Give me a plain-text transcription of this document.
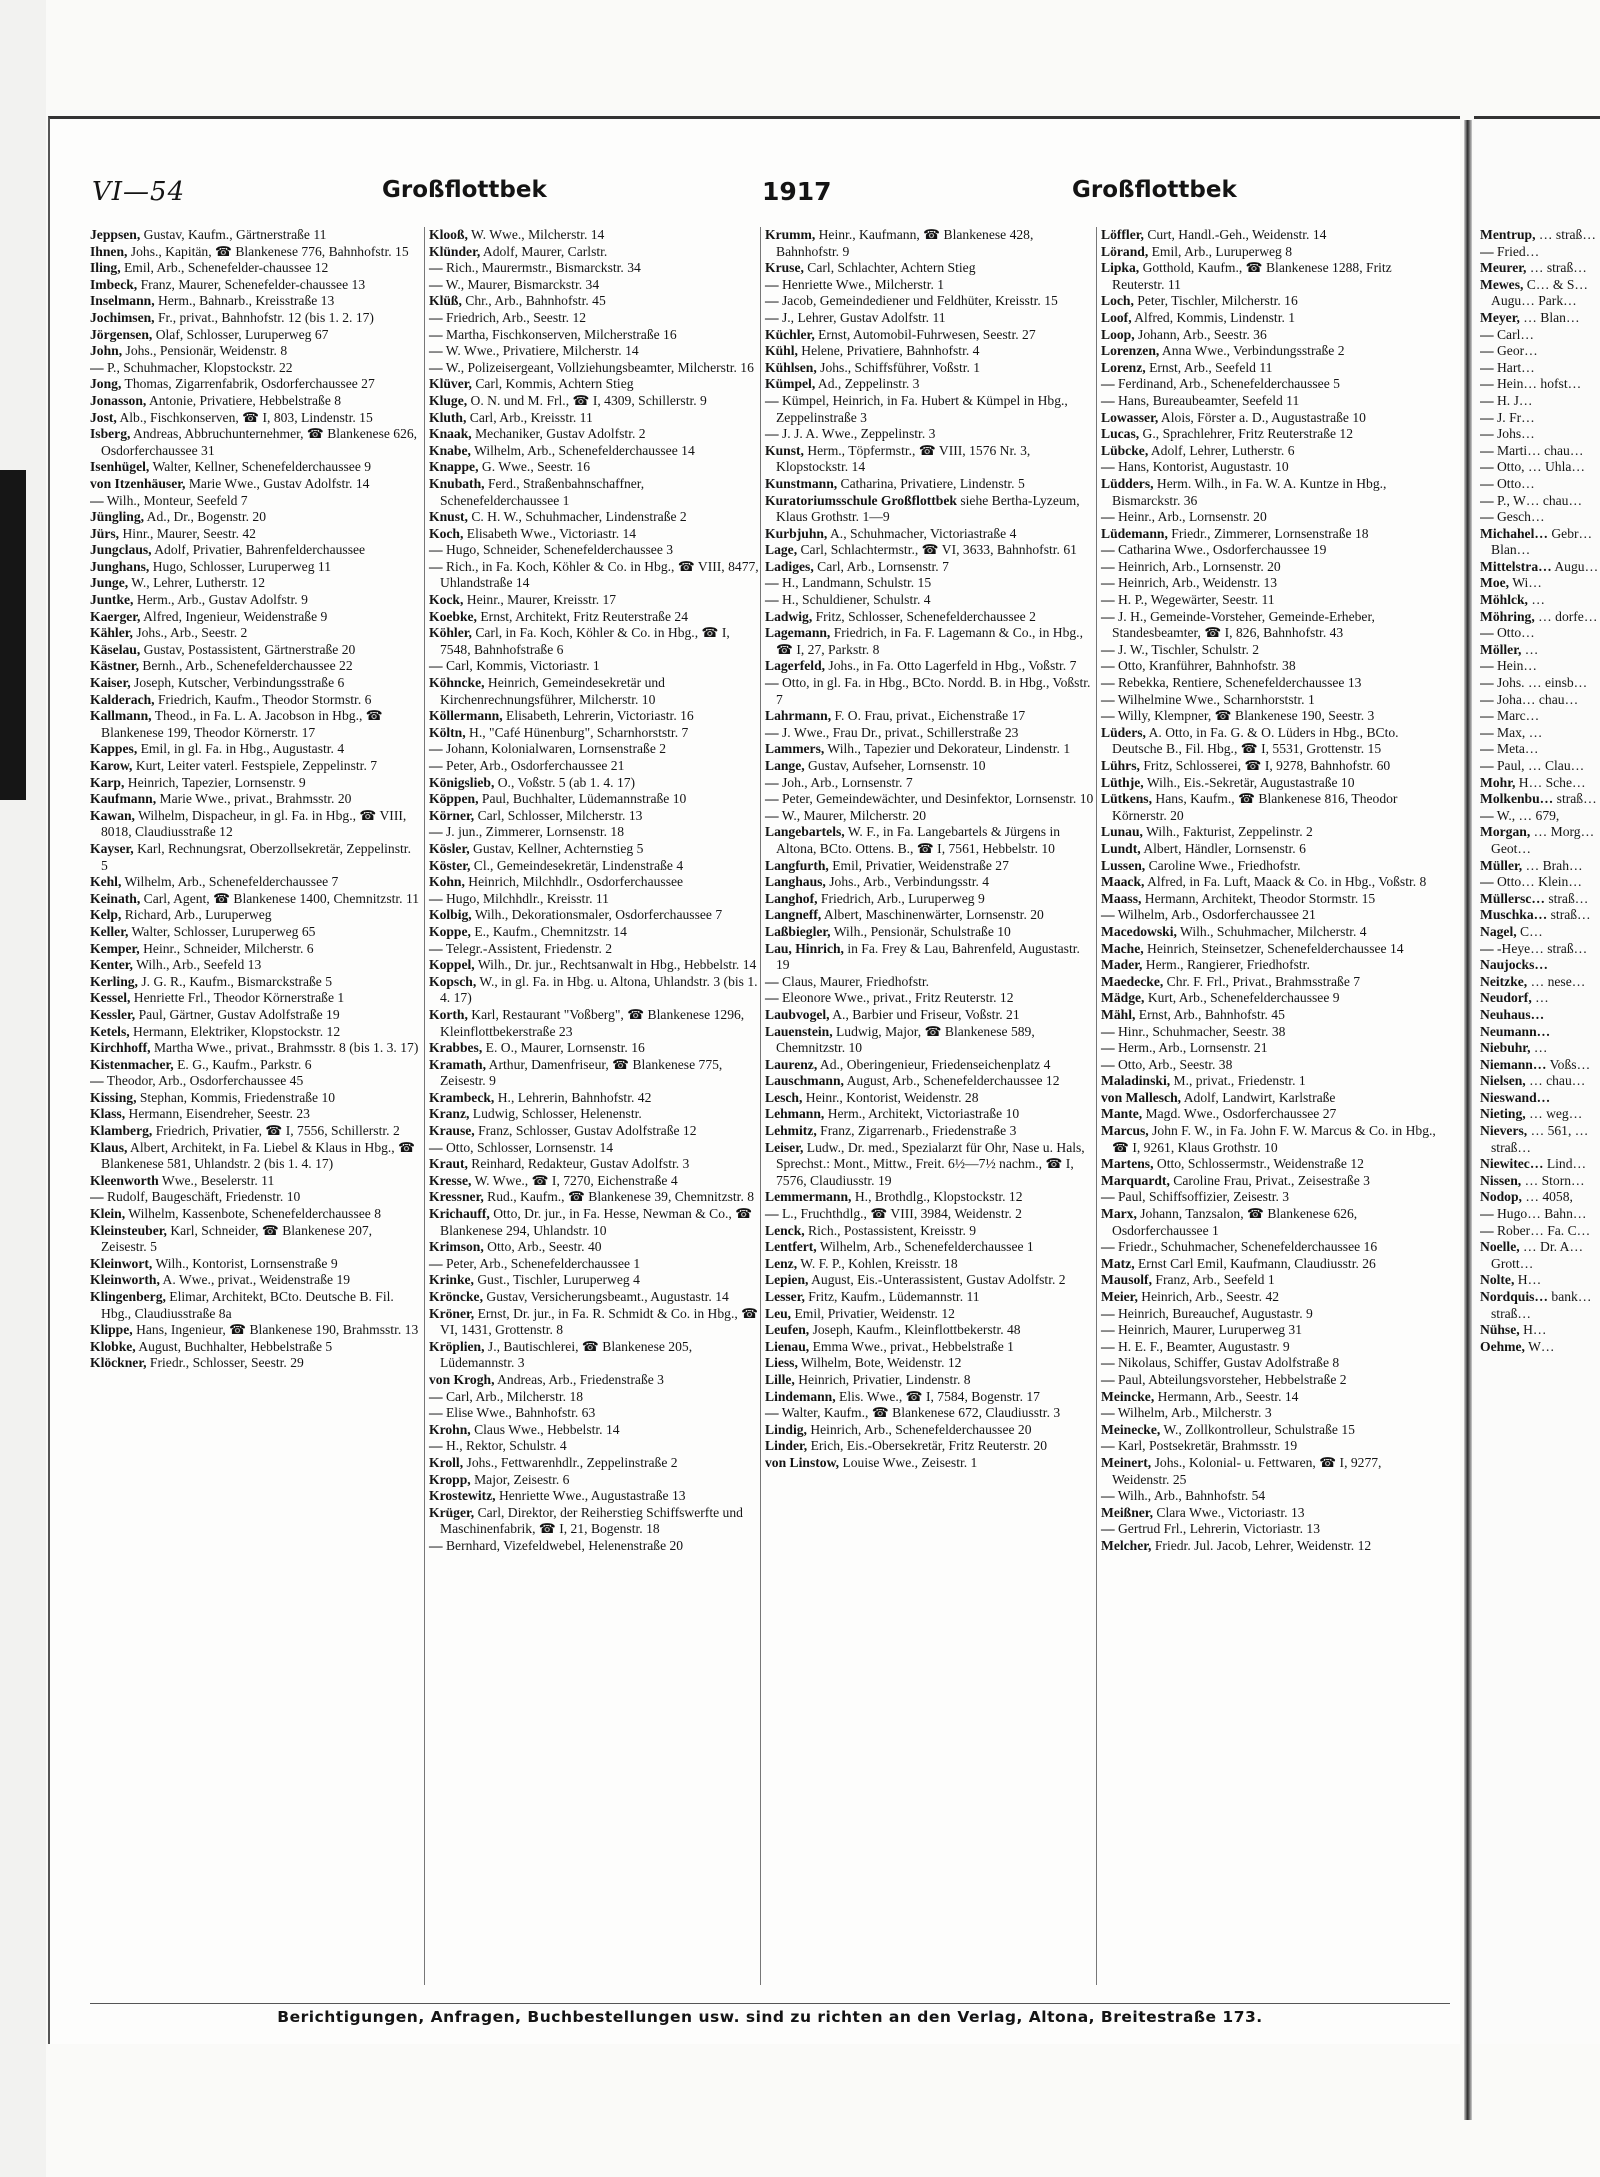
VI—54	Großflottbek	1917	Großflottbek

Jeppsen, Gustav, Kaufm., Gärtnerstraße 11

Ihnen, Johs., Kapitän, ☎ Blankenese 776, Bahnhofstr. 15

Iling, Emil, Arb., Schenefelder-chaussee 12

Imbeck, Franz, Maurer, Schenefelder-chaussee 13

Inselmann, Herm., Bahnarb., Kreisstraße 13

Jochimsen, Fr., privat., Bahnhofstr. 12 (bis 1. 2. 17)

Jörgensen, Olaf, Schlosser, Luruperweg 67

John, Johs., Pensionär, Weidenstr. 8

— P., Schuhmacher, Klopstockstr. 22

Jong, Thomas, Zigarrenfabrik, Osdorferchaussee 27

Jonasson, Antonie, Privatiere, Hebbelstraße 8

Jost, Alb., Fischkonserven, ☎ I, 803, Lindenstr. 15

Isberg, Andreas, Abbruchunternehmer, ☎ Blankenese 626, Osdorferchaussee 31

Isenhügel, Walter, Kellner, Schenefelderchaussee 9

von Itzenhäuser, Marie Wwe., Gustav Adolfstr. 14

— Wilh., Monteur, Seefeld 7

Jüngling, Ad., Dr., Bogenstr. 20

Jürs, Hinr., Maurer, Seestr. 42

Jungclaus, Adolf, Privatier, Bahrenfelderchaussee

Junghans, Hugo, Schlosser, Luruperweg 11

Junge, W., Lehrer, Lutherstr. 12

Juntke, Herm., Arb., Gustav Adolfstr. 9

Kaerger, Alfred, Ingenieur, Weidenstraße 9

Kähler, Johs., Arb., Seestr. 2

Käselau, Gustav, Postassistent, Gärtnerstraße 20

Kästner, Bernh., Arb., Schenefelderchaussee 22

Kaiser, Joseph, Kutscher, Verbindungsstraße 6

Kalderach, Friedrich, Kaufm., Theodor Stormstr. 6

Kallmann, Theod., in Fa. L. A. Jacobson in Hbg., ☎ Blankenese 199, Theodor Körnerstr. 17

Kappes, Emil, in gl. Fa. in Hbg., Augustastr. 4

Karow, Kurt, Leiter vaterl. Festspiele, Zeppelinstr. 7

Karp, Heinrich, Tapezier, Lornsenstr. 9

Kaufmann, Marie Wwe., privat., Brahmsstr. 20

Kawan, Wilhelm, Dispacheur, in gl. Fa. in Hbg., ☎ VIII, 8018, Claudiusstraße 12

Kayser, Karl, Rechnungsrat, Oberzollsekretär, Zeppelinstr. 5

Kehl, Wilhelm, Arb., Schenefelderchaussee 7

Keinath, Carl, Agent, ☎ Blankenese 1400, Chemnitzstr. 11

Kelp, Richard, Arb., Luruperweg

Keller, Walter, Schlosser, Luruperweg 65

Kemper, Heinr., Schneider, Milcherstr. 6

Kenter, Wilh., Arb., Seefeld 13

Kerling, J. G. R., Kaufm., Bismarckstraße 5

Kessel, Henriette Frl., Theodor Körnerstraße 1

Kessler, Paul, Gärtner, Gustav Adolfstraße 19

Ketels, Hermann, Elektriker, Klopstockstr. 12

Kirchhoff, Martha Wwe., privat., Brahmsstr. 8 (bis 1. 3. 17)

Kistenmacher, E. G., Kaufm., Parkstr. 6

— Theodor, Arb., Osdorferchaussee 45

Kissing, Stephan, Kommis, Friedenstraße 10

Klass, Hermann, Eisendreher, Seestr. 23

Klamberg, Friedrich, Privatier, ☎ I, 7556, Schillerstr. 2

Klaus, Albert, Architekt, in Fa. Liebel & Klaus in Hbg., ☎ Blankenese 581, Uhlandstr. 2 (bis 1. 4. 17)

Kleenworth Wwe., Beselerstr. 11

— Rudolf, Baugeschäft, Friedenstr. 10

Klein, Wilhelm, Kassenbote, Schenefelderchaussee 8

Kleinsteuber, Karl, Schneider, ☎ Blankenese 207, Zeisestr. 5

Kleinwort, Wilh., Kontorist, Lornsenstraße 9

Kleinworth, A. Wwe., privat., Weidenstraße 19

Klingenberg, Elimar, Architekt, BCto. Deutsche B. Fil. Hbg., Claudiusstraße 8a

Klippe, Hans, Ingenieur, ☎ Blankenese 190, Brahmsstr. 13

Klobke, August, Buchhalter, Hebbelstraße 5

Klöckner, Friedr., Schlosser, Seestr. 29

Klooß, W. Wwe., Milcherstr. 14

Klünder, Adolf, Maurer, Carlstr.

— Rich., Maurermstr., Bismarckstr. 34

— W., Maurer, Bismarckstr. 34

Klüß, Chr., Arb., Bahnhofstr. 45

— Friedrich, Arb., Seestr. 12

— Martha, Fischkonserven, Milcherstraße 16

— W. Wwe., Privatiere, Milcherstr. 14

— W., Polizeisergeant, Vollziehungsbeamter, Milcherstr. 16

Klüver, Carl, Kommis, Achtern Stieg

Kluge, O. N. und M. Frl., ☎ I, 4309, Schillerstr. 9

Kluth, Carl, Arb., Kreisstr. 11

Knaak, Mechaniker, Gustav Adolfstr. 2

Knabe, Wilhelm, Arb., Schenefelderchaussee 14

Knappe, G. Wwe., Seestr. 16

Knubath, Ferd., Straßenbahnschaffner, Schenefelderchaussee 1

Knust, C. H. W., Schuhmacher, Lindenstraße 2

Koch, Elisabeth Wwe., Victoriastr. 14

— Hugo, Schneider, Schenefelderchaussee 3

— Rich., in Fa. Koch, Köhler & Co. in Hbg., ☎ VIII, 8477, Uhlandstraße 14

Kock, Heinr., Maurer, Kreisstr. 17

Koebke, Ernst, Architekt, Fritz Reuterstraße 24

Köhler, Carl, in Fa. Koch, Köhler & Co. in Hbg., ☎ I, 7548, Bahnhofstraße 6

— Carl, Kommis, Victoriastr. 1

Köhncke, Heinrich, Gemeindesekretär und Kirchenrechnungsführer, Milcherstr. 10

Köllermann, Elisabeth, Lehrerin, Victoriastr. 16

Költn, H., "Café Hünenburg", Scharnhorststr. 7

— Johann, Kolonialwaren, Lornsenstraße 2

— Peter, Arb., Osdorferchaussee 21

Königslieb, O., Voßstr. 5 (ab 1. 4. 17)

Köppen, Paul, Buchhalter, Lüdemannstraße 10

Körner, Carl, Schlosser, Milcherstr. 13

— J. jun., Zimmerer, Lornsenstr. 18

Kösler, Gustav, Kellner, Achternstieg 5

Köster, Cl., Gemeindesekretär, Lindenstraße 4

Kohn, Heinrich, Milchhdlr., Osdorferchaussee

— Hugo, Milchhdlr., Kreisstr. 11

Kolbig, Wilh., Dekorationsmaler, Osdorferchaussee 7

Koppe, E., Kaufm., Chemnitzstr. 14

— Telegr.-Assistent, Friedenstr. 2

Koppel, Wilh., Dr. jur., Rechtsanwalt in Hbg., Hebbelstr. 14

Kopsch, W., in gl. Fa. in Hbg. u. Altona, Uhlandstr. 3 (bis 1. 4. 17)

Korth, Karl, Restaurant "Voßberg", ☎ Blankenese 1296, Kleinflottbekerstraße 23

Krabbes, E. O., Maurer, Lornsenstr. 16

Kramath, Arthur, Damenfriseur, ☎ Blankenese 775, Zeisestr. 9

Krambeck, H., Lehrerin, Bahnhofstr. 42

Kranz, Ludwig, Schlosser, Helenenstr.

Krause, Franz, Schlosser, Gustav Adolfstraße 12

— Otto, Schlosser, Lornsenstr. 14

Kraut, Reinhard, Redakteur, Gustav Adolfstr. 3

Kresse, W. Wwe., ☎ I, 7270, Eichenstraße 4

Kressner, Rud., Kaufm., ☎ Blankenese 39, Chemnitzstr. 8

Krichauff, Otto, Dr. jur., in Fa. Hesse, Newman & Co., ☎ Blankenese 294, Uhlandstr. 10

Krimson, Otto, Arb., Seestr. 40

— Peter, Arb., Schenefelderchaussee 1

Krinke, Gust., Tischler, Luruperweg 4

Kröncke, Gustav, Versicherungsbeamt., Augustastr. 14

Kröner, Ernst, Dr. jur., in Fa. R. Schmidt & Co. in Hbg., ☎ VI, 1431, Grottenstr. 8

Kröplien, J., Bautischlerei, ☎ Blankenese 205, Lüdemannstr. 3

von Krogh, Andreas, Arb., Friedenstraße 3

— Carl, Arb., Milcherstr. 18

— Elise Wwe., Bahnhofstr. 63

Krohn, Claus Wwe., Hebbelstr. 14

— H., Rektor, Schulstr. 4

Kroll, Johs., Fettwarenhdlr., Zeppelinstraße 2

Kropp, Major, Zeisestr. 6

Krostewitz, Henriette Wwe., Augustastraße 13

Krüger, Carl, Direktor, der Reiherstieg Schiffswerfte und Maschinenfabrik, ☎ I, 21, Bogenstr. 18

— Bernhard, Vizefeldwebel, Helenenstraße 20

Krumm, Heinr., Kaufmann, ☎ Blankenese 428, Bahnhofstr. 9

Kruse, Carl, Schlachter, Achtern Stieg

— Henriette Wwe., Milcherstr. 1

— Jacob, Gemeindediener und Feldhüter, Kreisstr. 15

— J., Lehrer, Gustav Adolfstr. 11

Küchler, Ernst, Automobil-Fuhrwesen, Seestr. 27

Kühl, Helene, Privatiere, Bahnhofstr. 4

Kühlsen, Johs., Schiffsführer, Voßstr. 1

Kümpel, Ad., Zeppelinstr. 3

— Kümpel, Heinrich, in Fa. Hubert & Kümpel in Hbg., Zeppelinstraße 3

— J. J. A. Wwe., Zeppelinstr. 3

Kunst, Herm., Töpfermstr., ☎ VIII, 1576 Nr. 3, Klopstockstr. 14

Kunstmann, Catharina, Privatiere, Lindenstr. 5

Kuratoriumsschule Großflottbek siehe Bertha-Lyzeum, Klaus Grothstr. 1—9

Kurbjuhn, A., Schuhmacher, Victoriastraße 4

Lage, Carl, Schlachtermstr., ☎ VI, 3633, Bahnhofstr. 61

Ladiges, Carl, Arb., Lornsenstr. 7

— H., Landmann, Schulstr. 15

— H., Schuldiener, Schulstr. 4

Ladwig, Fritz, Schlosser, Schenefelderchaussee 2

Lagemann, Friedrich, in Fa. F. Lagemann & Co., in Hbg., ☎ I, 27, Parkstr. 8

Lagerfeld, Johs., in Fa. Otto Lagerfeld in Hbg., Voßstr. 7

— Otto, in gl. Fa. in Hbg., BCto. Nordd. B. in Hbg., Voßstr. 7

Lahrmann, F. O. Frau, privat., Eichenstraße 17

— J. Wwe., Frau Dr., privat., Schillerstraße 23

Lammers, Wilh., Tapezier und Dekorateur, Lindenstr. 1

Lange, Gustav, Aufseher, Lornsenstr. 10

— Joh., Arb., Lornsenstr. 7

— Peter, Gemeindewächter, und Desinfektor, Lornsenstr. 10

— W., Maurer, Milcherstr. 20

Langebartels, W. F., in Fa. Langebartels & Jürgens in Altona, BCto. Ottens. B., ☎ I, 7561, Hebbelstr. 10

Langfurth, Emil, Privatier, Weidenstraße 27

Langhaus, Johs., Arb., Verbindungsstr. 4

Langhof, Friedrich, Arb., Luruperweg 9

Langneff, Albert, Maschinenwärter, Lornsenstr. 20

Laßbiegler, Wilh., Pensionär, Schulstraße 10

Lau, Hinrich, in Fa. Frey & Lau, Bahrenfeld, Augustastr. 19

— Claus, Maurer, Friedhofstr.

— Eleonore Wwe., privat., Fritz Reuterstr. 12

Laubvogel, A., Barbier und Friseur, Voßstr. 21

Lauenstein, Ludwig, Major, ☎ Blankenese 589, Chemnitzstr. 10

Laurenz, Ad., Oberingenieur, Friedenseichenplatz 4

Lauschmann, August, Arb., Schenefelderchaussee 12

Lesch, Heinr., Kontorist, Weidenstr. 28

Lehmann, Herm., Architekt, Victoriastraße 10

Lehmitz, Franz, Zigarrenarb., Friedenstraße 3

Leiser, Ludw., Dr. med., Spezialarzt für Ohr, Nase u. Hals, Sprechst.: Mont., Mittw., Freit. 6½—7½ nachm., ☎ I, 7576, Claudiusstr. 19

Lemmermann, H., Brothdlg., Klopstockstr. 12

— L., Fruchthdlg., ☎ VIII, 3984, Weidenstr. 2

Lenck, Rich., Postassistent, Kreisstr. 9

Lentfert, Wilhelm, Arb., Schenefelderchaussee 1

Lenz, W. F. P., Kohlen, Kreisstr. 18

Lepien, August, Eis.-Unterassistent, Gustav Adolfstr. 2

Lesser, Fritz, Kaufm., Lüdemannstr. 11

Leu, Emil, Privatier, Weidenstr. 12

Leufen, Joseph, Kaufm., Kleinflottbekerstr. 48

Lienau, Emma Wwe., privat., Hebbelstraße 1

Liess, Wilhelm, Bote, Weidenstr. 12

Lille, Heinrich, Privatier, Lindenstr. 8

Lindemann, Elis. Wwe., ☎ I, 7584, Bogenstr. 17

— Walter, Kaufm., ☎ Blankenese 672, Claudiusstr. 3

Lindig, Heinrich, Arb., Schenefelderchaussee 20

Linder, Erich, Eis.-Obersekretär, Fritz Reuterstr. 20

von Linstow, Louise Wwe., Zeisestr. 1

Löffler, Curt, Handl.-Geh., Weidenstr. 14

Lörand, Emil, Arb., Luruperweg 8

Lipka, Gotthold, Kaufm., ☎ Blankenese 1288, Fritz Reuterstr. 11

Loch, Peter, Tischler, Milcherstr. 16

Loof, Alfred, Kommis, Lindenstr. 1

Loop, Johann, Arb., Seestr. 36

Lorenzen, Anna Wwe., Verbindungsstraße 2

Lorenz, Ernst, Arb., Seefeld 11

— Ferdinand, Arb., Schenefelderchaussee 5

— Hans, Bureaubeamter, Seefeld 11

Lowasser, Alois, Förster a. D., Augustastraße 10

Lucas, G., Sprachlehrer, Fritz Reuterstraße 12

Lübcke, Adolf, Lehrer, Lutherstr. 6

— Hans, Kontorist, Augustastr. 10

Lüdders, Herm. Wilh., in Fa. W. A. Kuntze in Hbg., Bismarckstr. 36

— Heinr., Arb., Lornsenstr. 20

Lüdemann, Friedr., Zimmerer, Lornsenstraße 18

— Catharina Wwe., Osdorferchaussee 19

— Heinrich, Arb., Lornsenstr. 20

— Heinrich, Arb., Weidenstr. 13

— H. P., Wegewärter, Seestr. 11

— J. H., Gemeinde-Vorsteher, Gemeinde-Erheber, Standesbeamter, ☎ I, 826, Bahnhofstr. 43

— J. W., Tischler, Schulstr. 2

— Otto, Kranführer, Bahnhofstr. 38

— Rebekka, Rentiere, Schenefelderchaussee 13

— Wilhelmine Wwe., Scharnhorststr. 1

— Willy, Klempner, ☎ Blankenese 190, Seestr. 3

Lüders, A. Otto, in Fa. G. & O. Lüders in Hbg., BCto. Deutsche B., Fil. Hbg., ☎ I, 5531, Grottenstr. 15

Lührs, Fritz, Schlosserei, ☎ I, 9278, Bahnhofstr. 60

Lüthje, Wilh., Eis.-Sekretär, Augustastraße 10

Lütkens, Hans, Kaufm., ☎ Blankenese 816, Theodor Körnerstr. 20

Lunau, Wilh., Fakturist, Zeppelinstr. 2

Lundt, Albert, Händler, Lornsenstr. 6

Lussen, Caroline Wwe., Friedhofstr.

Maack, Alfred, in Fa. Luft, Maack & Co. in Hbg., Voßstr. 8

Maass, Hermann, Architekt, Theodor Stormstr. 15

— Wilhelm, Arb., Osdorferchaussee 21

Macedowski, Wilh., Schuhmacher, Milcherstr. 4

Mache, Heinrich, Steinsetzer, Schenefelderchaussee 14

Mader, Herm., Rangierer, Friedhofstr.

Maedecke, Chr. F. Frl., Privat., Brahmsstraße 7

Mädge, Kurt, Arb., Schenefelderchaussee 9

Mähl, Ernst, Arb., Bahnhofstr. 45

— Hinr., Schuhmacher, Seestr. 38

— Herm., Arb., Lornsenstr. 21

— Otto, Arb., Seestr. 38

Maladinski, M., privat., Friedenstr. 1

von Mallesch, Adolf, Landwirt, Karlstraße

Mante, Magd. Wwe., Osdorferchaussee 27

Marcus, John F. W., in Fa. John F. W. Marcus & Co. in Hbg., ☎ I, 9261, Klaus Grothstr. 10

Martens, Otto, Schlossermstr., Weidenstraße 12

Marquardt, Caroline Frau, Privat., Zeisestraße 3

— Paul, Schiffsoffizier, Zeisestr. 3

Marx, Johann, Tanzsalon, ☎ Blankenese 626, Osdorferchaussee 1

— Friedr., Schuhmacher, Schenefelderchaussee 16

Matz, Ernst Carl Emil, Kaufmann, Claudiusstr. 26

Mausolf, Franz, Arb., Seefeld 1

Meier, Heinrich, Arb., Seestr. 42

— Heinrich, Bureauchef, Augustastr. 9

— Heinrich, Maurer, Luruperweg 31

— H. E. F., Beamter, Augustastr. 9

— Nikolaus, Schiffer, Gustav Adolfstraße 8

— Paul, Abteilungsvorsteher, Hebbelstraße 2

Meincke, Hermann, Arb., Seestr. 14

— Wilhelm, Arb., Milcherstr. 3

Meinecke, W., Zollkontrolleur, Schulstraße 15

— Karl, Postsekretär, Brahmsstr. 19

Meinert, Johs., Kolonial- u. Fettwaren, ☎ I, 9277, Weidenstr. 25

— Wilh., Arb., Bahnhofstr. 54

Meißner, Clara Wwe., Victoriastr. 13

— Gertrud Frl., Lehrerin, Victoriastr. 13

Melcher, Friedr. Jul. Jacob, Lehrer, Weidenstr. 12

Berichtigungen, Anfragen, Buchbestellungen usw. sind zu richten an den Verlag, Altona, Breitestraße 173.

Mentrup, … straß…

— Fried…

Meurer, … straß…

Mewes, C… & S… Augu… Park…

Meyer, … Blan…

— Carl…

— Geor…

— Hart…

— Hein… hofst…

— H. J…

— J. Fr…

— Johs…

— Marti… chau…

— Otto, … Uhla…

— Otto…

— P., W… chau…

— Gesch…

Michahel… Gebr… Blan…

Mittelstra… Augu…

Moe, Wi…

Möhlck, …

Möhring, … dorfe…

— Otto…

Möller, …

— Hein…

— Johs. … einsb…

— Joha… chau…

— Marc…

— Max, …

— Meta…

— Paul, … Clau…

Mohr, H… Sche…

Molkenbu… straß…

— W., … 679,

Morgan, … Morg… Geot…

Müller, … Brah…

— Otto… Klein…

Müllersc… straß…

Muschka… straß…

Nagel, C…

— -Heye… straß…

Naujocks…

Neitzke, … nese…

Neudorf, …

Neuhaus…

Neumann…

Niebuhr, …

Niemann… Voßs…

Nielsen, … chau…

Nieswand…

Nieting, … weg…

Nievers, … 561, … straß…

Niewitec… Lind…

Nissen, … Storn…

Nodop, … 4058,

— Hugo… Bahn…

— Rober… Fa. C…

Noelle, … Dr. A… Grott…

Nolte, H…

Nordquis… bank… straß…

Nühse, H…

Oehme, W…
